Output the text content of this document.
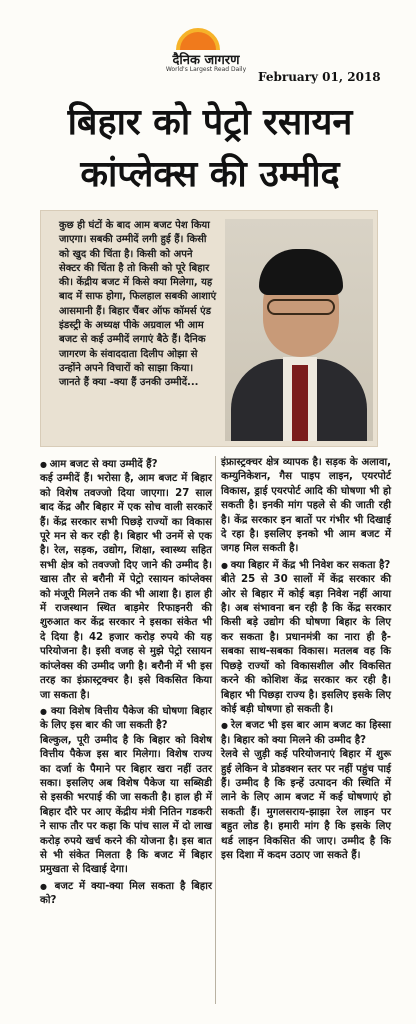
दैनिक जागरण
World's Largest Read Daily
February 01, 2018
बिहार को पेट्रो रसायन
कांप्लेक्स की उम्मीद
कुछ ही घंटों के बाद आम बजट पेश किया जाएगा। सबकी उम्मीदें लगी हुई हैं। किसी को खुद की चिंता है। किसी को अपने सेक्टर की चिंता है तो किसी को पूरे बिहार की। केंद्रीय बजट में किसे क्या मिलेगा, यह बाद में साफ होगा, फिलहाल सबकी आशाएं आसमानी हैं। बिहार चैंबर ऑफ कॉमर्स एंड इंडस्ट्री के अध्यक्ष पीके अग्रवाल भी आम बजट से कई उम्मीदें लगाएं बैठे हैं। दैनिक जागरण के संवाददाता दिलीप ओझा से उन्होंने अपने विचारों को साझा किया। जानते हैं क्या -क्या हैं उनकी उम्मीदें...

● आम बजट से क्या उम्मीदें हैं?

कई उम्मीदें हैं। भरोसा है, आम बजट में बिहार को विशेष तवज्जो दिया जाएगा। 27 साल बाद केंद्र और बिहार में एक सोच वाली सरकारें हैं। केंद्र सरकार सभी पिछड़े राज्यों का विकास पूरे मन से कर रही है। बिहार भी उनमें से एक है। रेल, सड़क, उद्योग, शिक्षा, स्वास्थ्य सहित सभी क्षेत्र को तवज्जो दिए जाने की उम्मीद है। खास तौर से बरौनी में पेट्रो रसायन कांप्लेक्स को मंजूरी मिलने तक की भी आशा है। हाल ही में राजस्थान स्थित बाड़मेर रिफाइनरी की शुरुआत कर केंद्र सरकार ने इसका संकेत भी दे दिया है। 42 हजार करोड़ रुपये की यह परियोजना है। इसी वजह से मुझे पेट्रो रसायन कांप्लेक्स की उम्मीद जगी है। बरौनी में भी इस तरह का इंफ्रास्ट्रक्चर है। इसे विकसित किया जा सकता है।

● क्या विशेष वित्तीय पैकेज की घोषणा बिहार के लिए इस बार की जा सकती है?

बिल्कुल, पूरी उम्मीद है कि बिहार को विशेष वित्तीय पैकेज इस बार मिलेगा। विशेष राज्य का दर्जा के पैमाने पर बिहार खरा नहीं उतर सका। इसलिए अब विशेष पैकेज या सब्सिडी से इसकी भरपाई की जा सकती है। हाल ही में बिहार दौरे पर आए केंद्रीय मंत्री नितिन गडकरी ने साफ तौर पर कहा कि पांच साल में दो लाख करोड़ रुपये खर्च करने की योजना है। इस बात से भी संकेत मिलता है कि बजट में बिहार प्रमुखता से दिखाई देगा।

● बजट में क्या-क्या मिल सकता है बिहार को?

इंफ्रास्ट्रक्चर क्षेत्र व्यापक है। सड़क के अलावा, कम्युनिकेशन, गैस पाइप लाइन, एयरपोर्ट विकास, ड्राई एयरपोर्ट आदि की घोषणा भी हो सकती है। इनकी मांग पहले से की जाती रही है। केंद्र सरकार इन बातों पर गंभीर भी दिखाई दे रहा है। इसलिए इनको भी आम बजट में जगह मिल सकती है।

● क्या बिहार में केंद्र भी निवेश कर सकता है?

बीते 25 से 30 सालों में केंद्र सरकार की ओर से बिहार में कोई बड़ा निवेश नहीं आया है। अब संभावना बन रही है कि केंद्र सरकार किसी बड़े उद्योग की घोषणा बिहार के लिए कर सकता है। प्रधानमंत्री का नारा ही है-सबका साथ-सबका विकास। मतलब वह कि पिछड़े राज्यों को विकासशील और विकसित करने की कोशिश केंद्र सरकार कर रही है। बिहार भी पिछड़ा राज्य है। इसलिए इसके लिए कोई बड़ी घोषणा हो सकती है।

● रेल बजट भी इस बार आम बजट का हिस्सा है। बिहार को क्या मिलने की उम्मीद है?

रेलवे से जुड़ी कई परियोजनाएं बिहार में शुरू हुई लेकिन वे प्रोडक्शन स्तर पर नहीं पहुंच पाई हैं। उम्मीद है कि इन्हें उत्पादन की स्थिति में लाने के लिए आम बजट में कई घोषणाएं हो सकती हैं। मुगलसराय-झाझा रेल लाइन पर बहुत लोड है। हमारी मांग है कि इसके लिए थर्ड लाइन विकसित की जाए। उम्मीद है कि इस दिशा में कदम उठाए जा सकते हैं।
